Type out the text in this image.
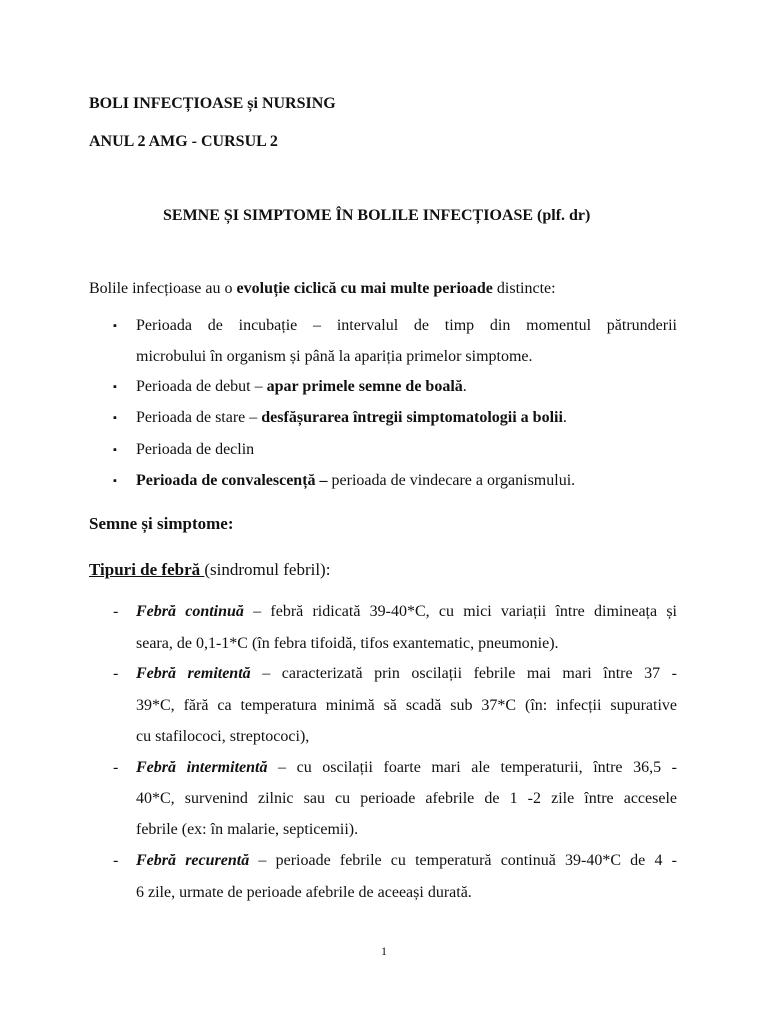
BOLI INFECȚIOASE și NURSING
ANUL 2 AMG - CURSUL 2
SEMNE ȘI SIMPTOME ÎN BOLILE INFECȚIOASE (plf. dr)
Bolile infecțioase au o evoluție ciclică cu mai multe perioade distincte:
▪ Perioada de incubație – intervalul de timp din momentul pătrunderii
microbului în organism și până la apariția primelor simptome.
▪ Perioada de debut – apar primele semne de boală.
▪ Perioada de stare – desfășurarea întregii simptomatologii a bolii.
▪ Perioada de declin
▪ Perioada de convalescență – perioada de vindecare a organismului.
Semne și simptome:
Tipuri de febră (sindromul febril):
- Febră continuă – febră ridicată 39-40*C, cu mici variații între dimineața și
seara, de 0,1-1*C (în febra tifoidă, tifos exantematic, pneumonie).
- Febră remitentă – caracterizată prin oscilații febrile mai mari între 37 -
39*C, fără ca temperatura minimă să scadă sub 37*C (în: infecții supurative
cu stafilococi, streptococi),
- Febră intermitentă – cu oscilații foarte mari ale temperaturii, între 36,5 -
40*C, survenind zilnic sau cu perioade afebrile de 1 -2 zile între accesele
febrile (ex: în malarie, septicemii).
- Febră recurentă – perioade febrile cu temperatură continuă 39-40*C de 4 -
6 zile, urmate de perioade afebrile de aceeași durată.
1
